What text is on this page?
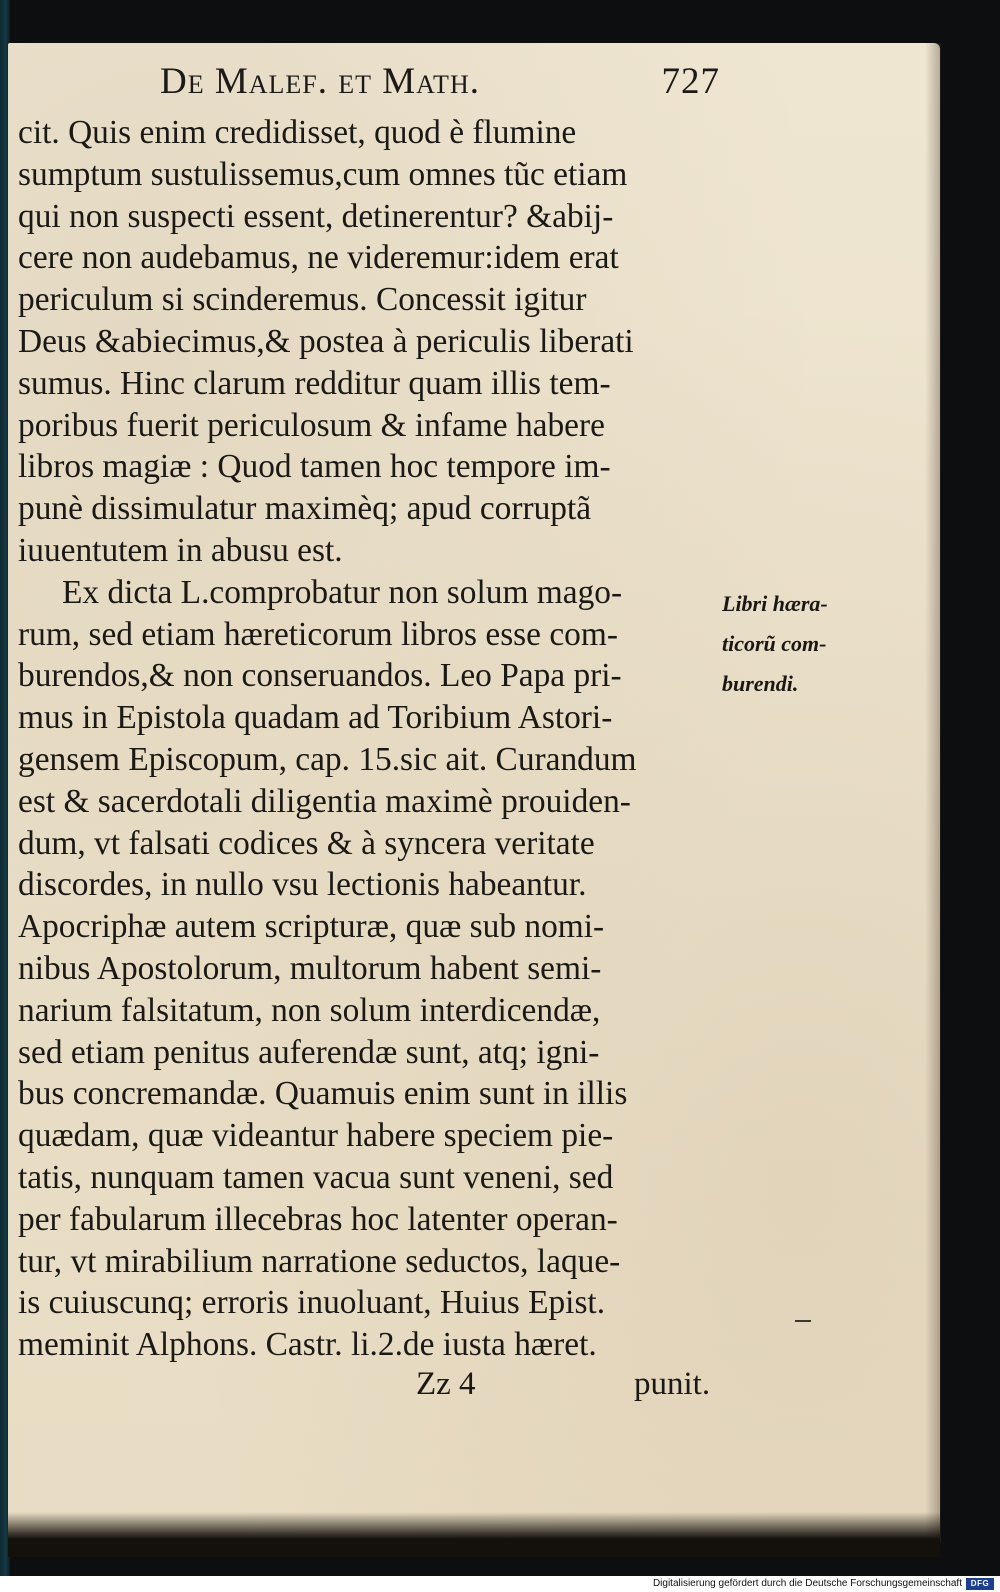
De Malef. et Math.	727
cit. Quis enim credidisset, quod è flumine
sumptum sustulissemus,cum omnes tũc etiam
qui non suspecti essent, detinerentur? &abij-
cere non audebamus, ne videremur:idem erat
periculum si scinderemus. Concessit igitur
Deus &abiecimus,& postea à periculis liberati
sumus. Hinc clarum redditur quam illis tem-
poribus fuerit periculosum & infame habere
libros magiæ : Quod tamen hoc tempore im-
punè dissimulatur maximèq; apud corruptã
iuuentutem in abusu est.
Ex dicta L.comprobatur non solum mago-
rum, sed etiam hæreticorum libros esse com-
burendos,& non conseruandos. Leo Papa pri-
mus in Epistola quadam ad Toribium Astori-
gensem Episcopum, cap. 15.sic ait. Curandum
est & sacerdotali diligentia maximè prouiden-
dum, vt falsati codices & à syncera veritate
discordes, in nullo vsu lectionis habeantur.
Apocriphæ autem scripturæ, quæ sub nomi-
nibus Apostolorum, multorum habent semi-
narium falsitatum, non solum interdicendæ,
sed etiam penitus auferendæ sunt, atq; igni-
bus concremandæ. Quamuis enim sunt in illis
quædam, quæ videantur habere speciem pie-
tatis, nunquam tamen vacua sunt veneni, sed
per fabularum illecebras hoc latenter operan-
tur, vt mirabilium narratione seductos, laque-
is cuiuscunq; erroris inuoluant, Huius Epist.
meminit Alphons. Castr. li.2.de iusta hæret.
Libri hæra-
ticorũ com-
burendi.
Zz 4	punit.
Digitalisierung gefördert durch die Deutsche Forschungsgemeinschaft	DFG
